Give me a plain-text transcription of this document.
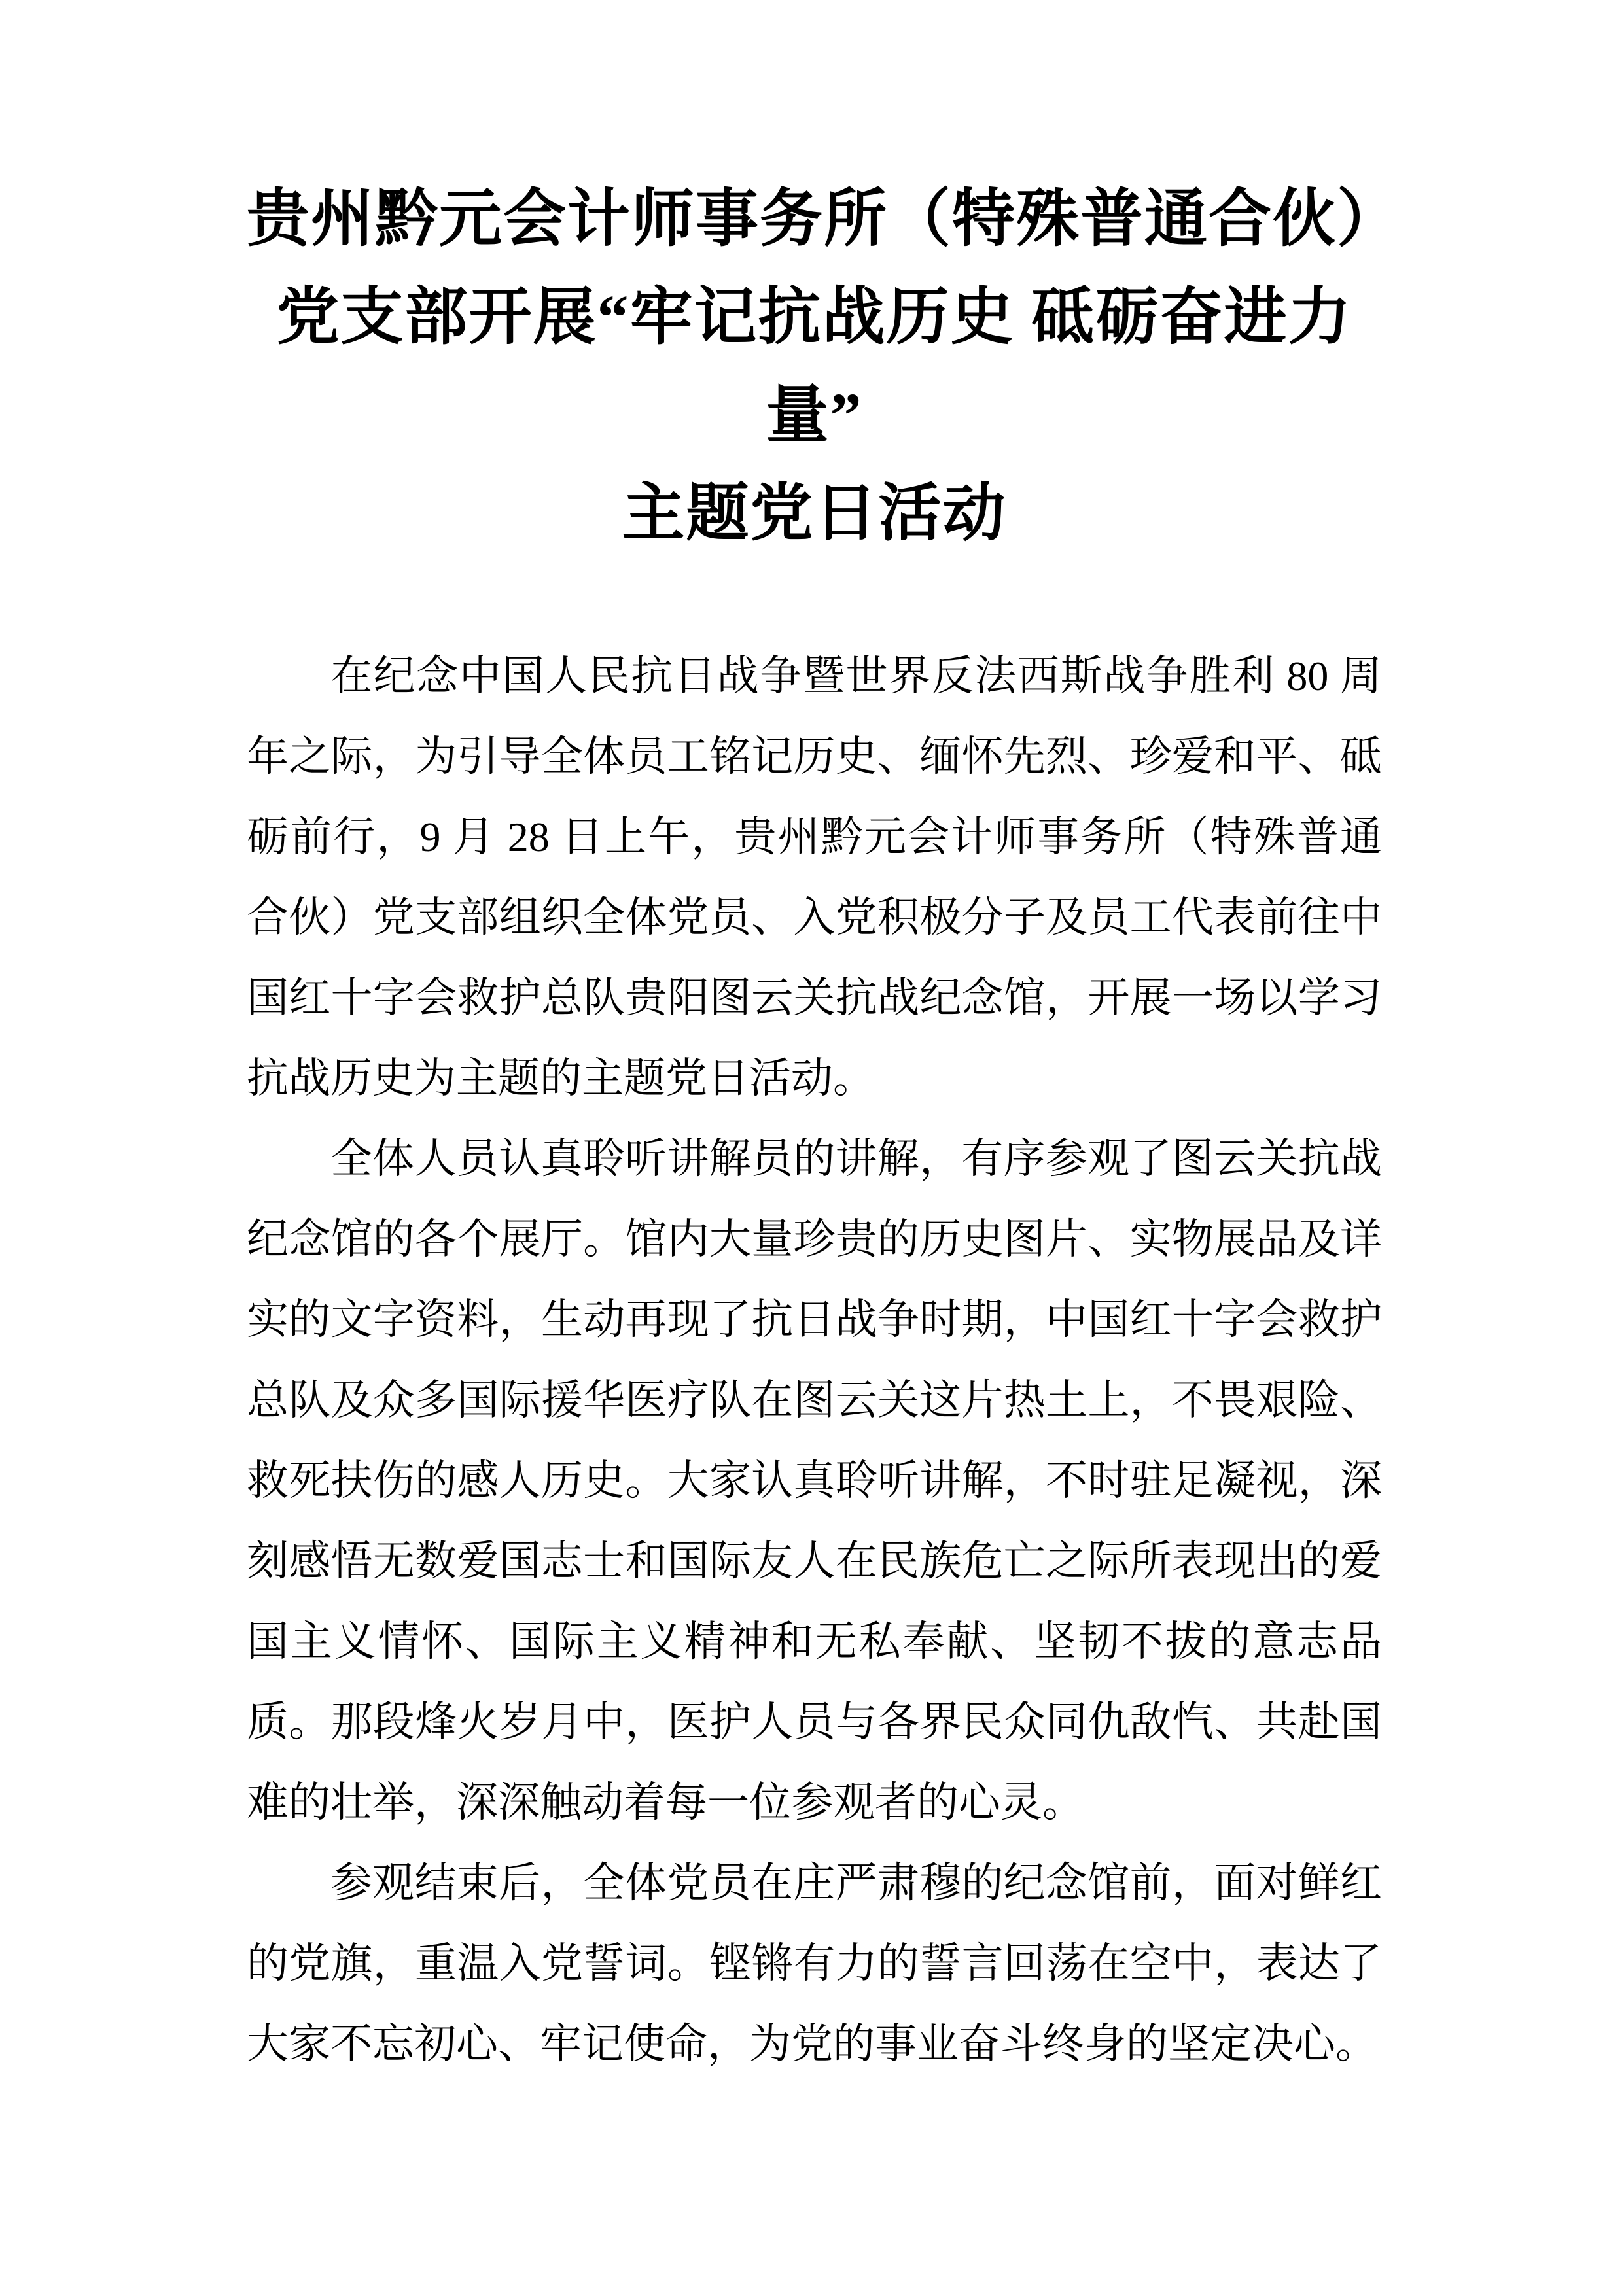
贵州黔元会计师事务所（特殊普通合伙）
党支部开展“牢记抗战历史 砥砺奋进力量”
主题党日活动

在纪念中国人民抗日战争暨世界反法西斯战争胜利 80 周年之际，为引导全体员工铭记历史、缅怀先烈、珍爱和平、砥砺前行，9 月 28 日上午，贵州黔元会计师事务所（特殊普通合伙）党支部组织全体党员、入党积极分子及员工代表前往中国红十字会救护总队贵阳图云关抗战纪念馆，开展一场以学习抗战历史为主题的主题党日活动。

全体人员认真聆听讲解员的讲解，有序参观了图云关抗战纪念馆的各个展厅。馆内大量珍贵的历史图片、实物展品及详实的文字资料，生动再现了抗日战争时期，中国红十字会救护总队及众多国际援华医疗队在图云关这片热土上，不畏艰险、救死扶伤的感人历史。大家认真聆听讲解，不时驻足凝视，深刻感悟无数爱国志士和国际友人在民族危亡之际所表现出的爱国主义情怀、国际主义精神和无私奉献、坚韧不拔的意志品质。那段烽火岁月中，医护人员与各界民众同仇敌忾、共赴国难的壮举，深深触动着每一位参观者的心灵。

参观结束后，全体党员在庄严肃穆的纪念馆前，面对鲜红的党旗，重温入党誓词。铿锵有力的誓言回荡在空中，表达了大家不忘初心、牢记使命，为党的事业奋斗终身的坚定决心。
